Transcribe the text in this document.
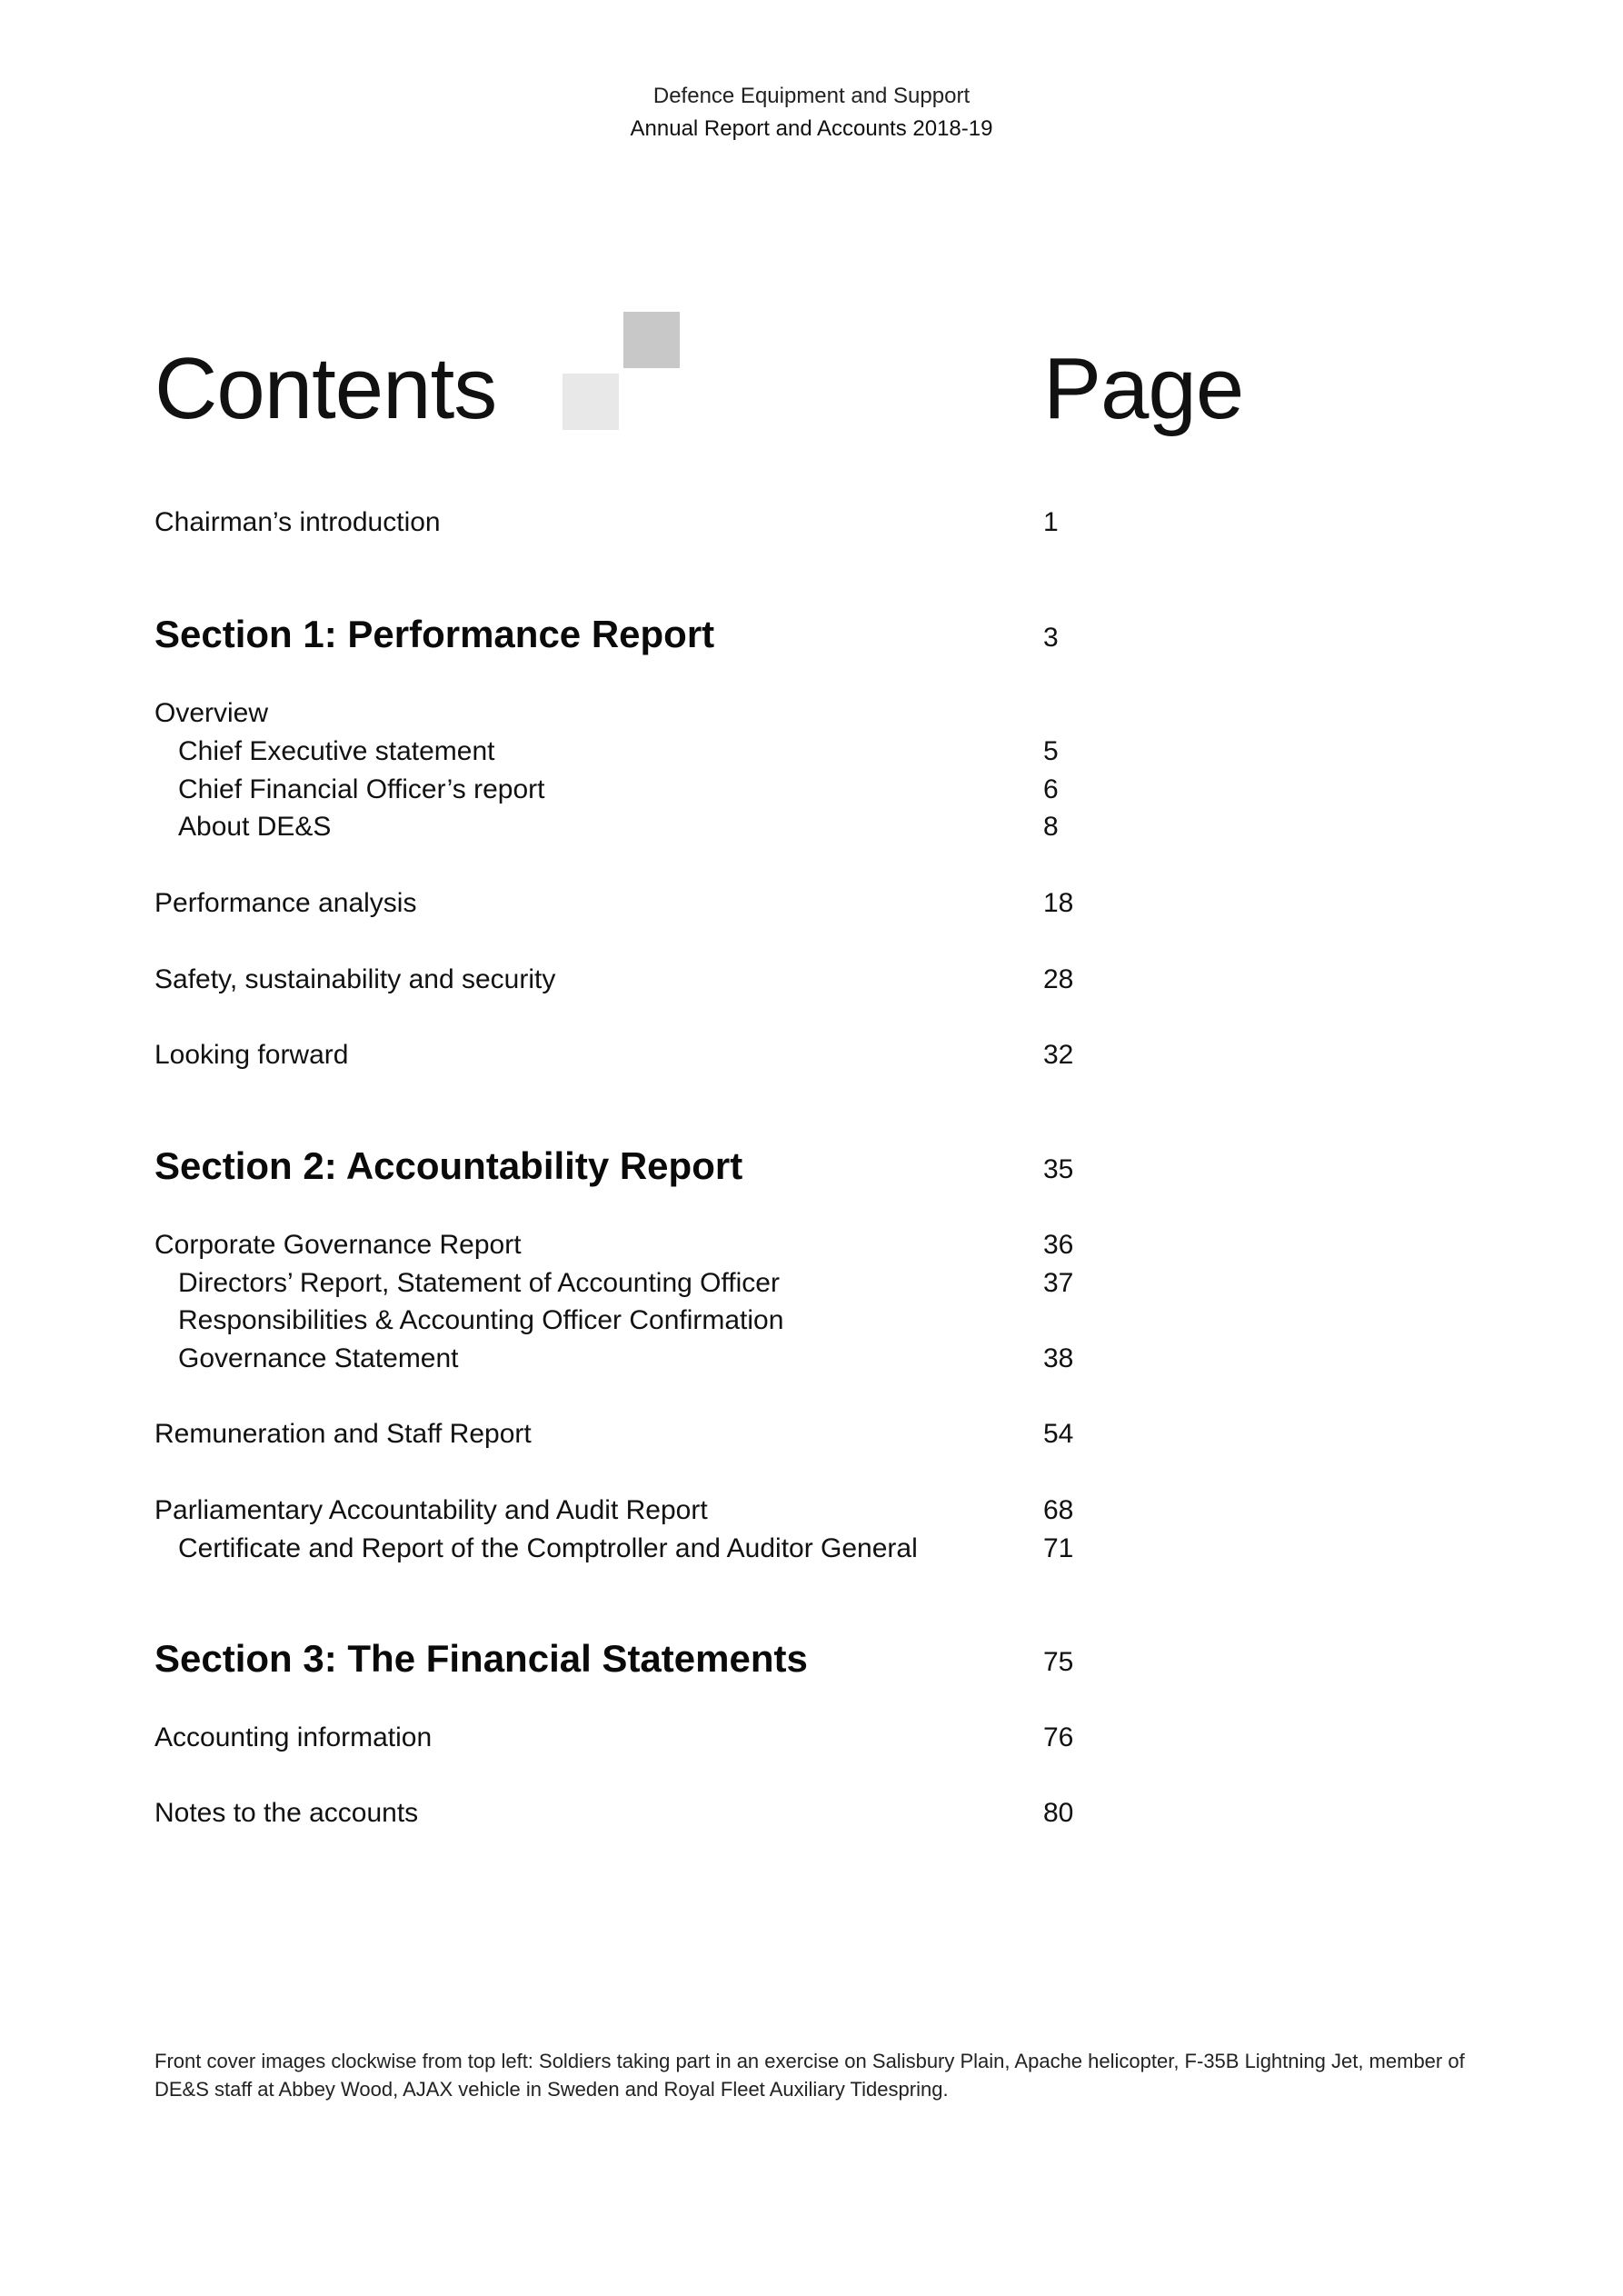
Defence Equipment and Support
Annual Report and Accounts 2018-19
Contents	Page
Chairman’s introduction	1
Section 1: Performance Report	3
Overview
Chief Executive statement	5
Chief Financial Officer’s report	6
About DE&S	8
Performance analysis	18
Safety, sustainability and security	28
Looking forward	32
Section 2: Accountability Report	35
Corporate Governance Report	36
Directors’ Report, Statement of Accounting Officer	37
Responsibilities & Accounting Officer Confirmation
Governance Statement	38
Remuneration and Staff Report	54
Parliamentary Accountability and Audit Report	68
Certificate and Report of the Comptroller and Auditor General	71
Section 3: The Financial Statements	75
Accounting information	76
Notes to the accounts	80
Front cover images clockwise from top left: Soldiers taking part in an exercise on Salisbury Plain, Apache helicopter, F-35B Lightning Jet, member of DE&S staff at Abbey Wood, AJAX vehicle in Sweden and Royal Fleet Auxiliary Tidespring.
